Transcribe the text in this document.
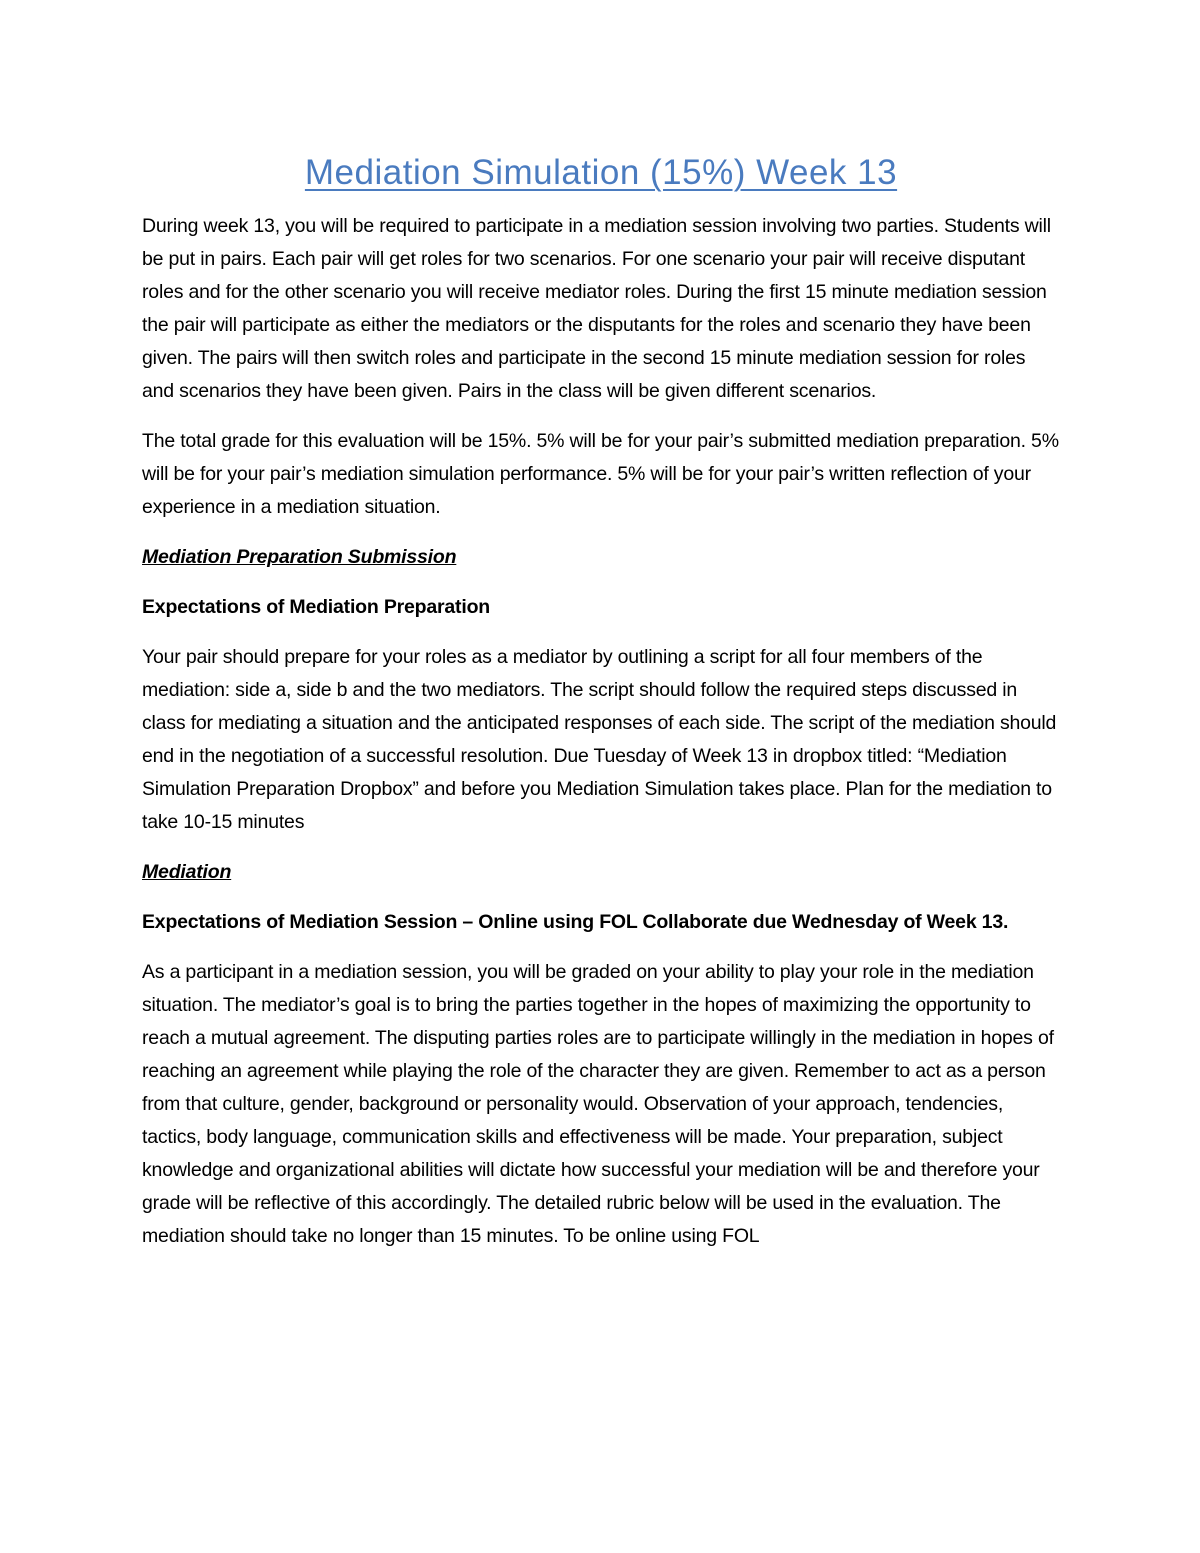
Mediation Simulation (15%) Week 13

During week 13, you will be required to participate in a mediation session involving two parties. Students will be put in pairs. Each pair will get roles for two scenarios. For one scenario your pair will receive disputant roles and for the other scenario you will receive mediator roles. During the first 15 minute mediation session the pair will participate as either the mediators or the disputants for the roles and scenario they have been given. The pairs will then switch roles and participate in the second 15 minute mediation session for roles and scenarios they have been given. Pairs in the class will be given different scenarios.

The total grade for this evaluation will be 15%. 5% will be for your pair’s submitted mediation preparation. 5% will be for your pair’s mediation simulation performance. 5% will be for your pair’s written reflection of your experience in a mediation situation.

Mediation Preparation Submission
Expectations of Mediation Preparation

Your pair should prepare for your roles as a mediator by outlining a script for all four members of the mediation: side a, side b and the two mediators. The script should follow the required steps discussed in class for mediating a situation and the anticipated responses of each side. The script of the mediation should end in the negotiation of a successful resolution. Due Tuesday of Week 13 in dropbox titled: “Mediation Simulation Preparation Dropbox” and before you Mediation Simulation takes place. Plan for the mediation to take 10-15 minutes

Mediation
Expectations of Mediation Session – Online using FOL Collaborate due Wednesday of Week 13.

As a participant in a mediation session, you will be graded on your ability to play your role in the mediation situation. The mediator’s goal is to bring the parties together in the hopes of maximizing the opportunity to reach a mutual agreement. The disputing parties roles are to participate willingly in the mediation in hopes of reaching an agreement while playing the role of the character they are given. Remember to act as a person from that culture, gender, background or personality would. Observation of your approach, tendencies, tactics, body language, communication skills and effectiveness will be made. Your preparation, subject knowledge and organizational abilities will dictate how successful your mediation will be and therefore your grade will be reflective of this accordingly. The detailed rubric below will be used in the evaluation. The mediation should take no longer than 15 minutes. To be online using FOL
